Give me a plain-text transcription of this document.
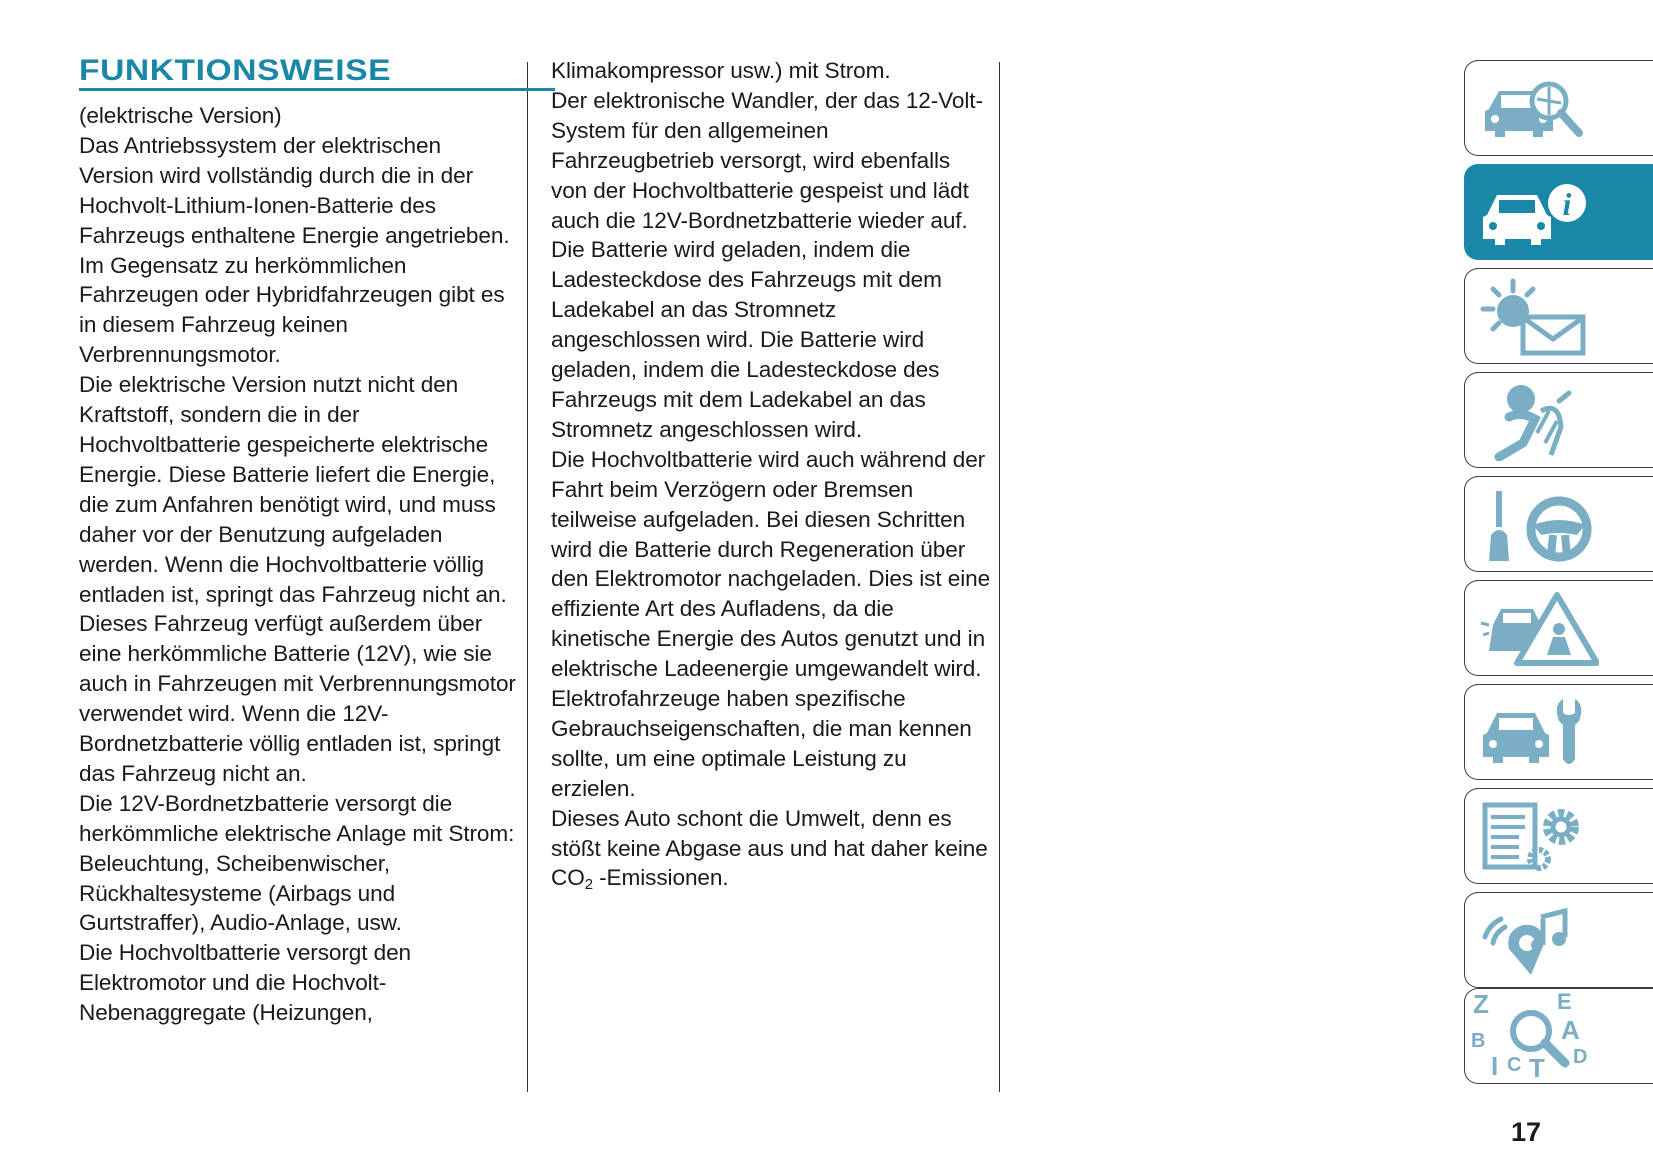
FUNKTIONSWEISE

(elektrische Version)

Das Antriebssystem der elektrischen Version wird vollständig durch die in der Hochvolt-Lithium-Ionen-Batterie des Fahrzeugs enthaltene Energie angetrieben. Im Gegensatz zu herkömmlichen Fahrzeugen oder Hybridfahrzeugen gibt es in diesem Fahrzeug keinen Verbrennungsmotor.

Die elektrische Version nutzt nicht den Kraftstoff, sondern die in der Hochvoltbatterie gespeicherte elektrische Energie. Diese Batterie liefert die Energie, die zum Anfahren benötigt wird, und muss daher vor der Benutzung aufgeladen werden. Wenn die Hochvoltbatterie völlig entladen ist, springt das Fahrzeug nicht an.

Dieses Fahrzeug verfügt außerdem über eine herkömmliche Batterie (12V), wie sie auch in Fahrzeugen mit Verbrennungsmotor verwendet wird. Wenn die 12V-Bordnetzbatterie völlig entladen ist, springt das Fahrzeug nicht an.

Die 12V-Bordnetzbatterie versorgt die herkömmliche elektrische Anlage mit Strom: Beleuchtung, Scheibenwischer, Rückhaltesysteme (Airbags und Gurtstraffer), Audio-Anlage, usw.

Die Hochvoltbatterie versorgt den Elektromotor und die Hochvolt-Nebenaggregate (Heizungen,

Klimakompressor usw.) mit Strom.

Der elektronische Wandler, der das 12-Volt-System für den allgemeinen Fahrzeugbetrieb versorgt, wird ebenfalls von der Hochvoltbatterie gespeist und lädt auch die 12V-Bordnetzbatterie wieder auf.

Die Batterie wird geladen, indem die Ladesteckdose des Fahrzeugs mit dem Ladekabel an das Stromnetz angeschlossen wird. Die Batterie wird geladen, indem die Ladesteckdose des Fahrzeugs mit dem Ladekabel an das Stromnetz angeschlossen wird.

Die Hochvoltbatterie wird auch während der Fahrt beim Verzögern oder Bremsen teilweise aufgeladen. Bei diesen Schritten wird die Batterie durch Regeneration über den Elektromotor nachgeladen. Dies ist eine effiziente Art des Aufladens, da die kinetische Energie des Autos genutzt und in elektrische Ladeenergie umgewandelt wird.

Elektrofahrzeuge haben spezifische Gebrauchseigenschaften, die man kennen sollte, um eine optimale Leistung zu erzielen.

Dieses Auto schont die Umwelt, denn es stößt keine Abgase aus und hat daher keine $CO_2$ -Emissionen.

i
Z	E
A
B
D
I C T
17
